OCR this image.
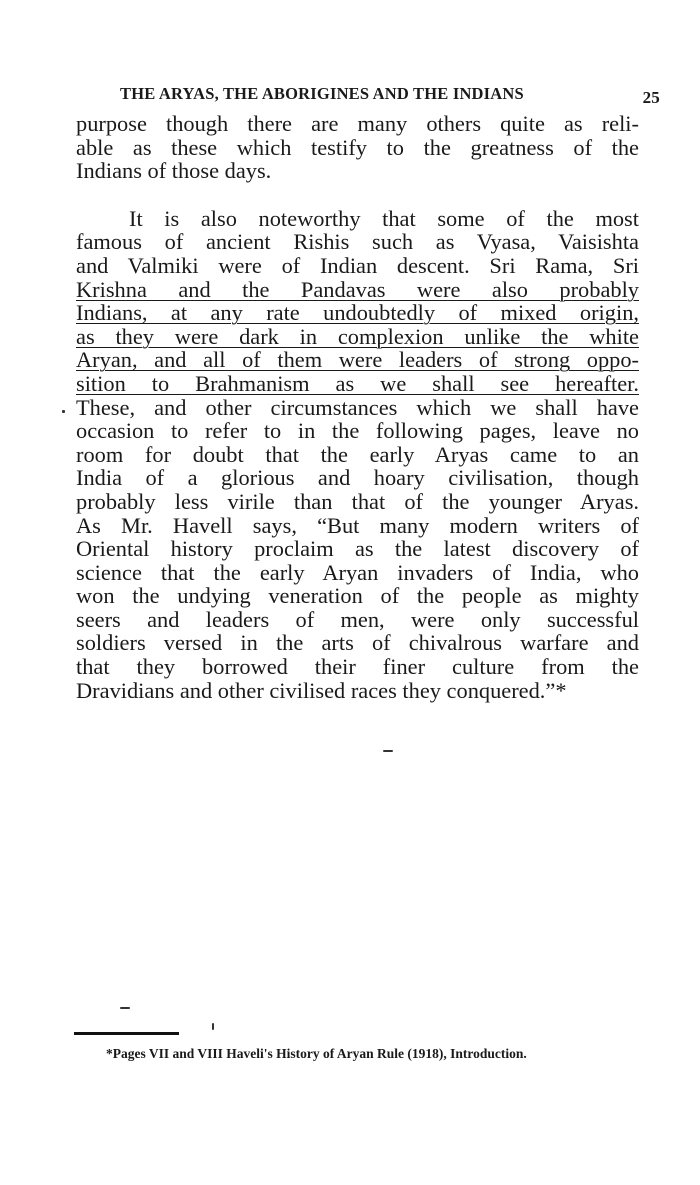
THE ARYAS, THE ABORIGINES AND THE INDIANS	25
purpose though there are many others quite as reli-
able as these which testify to the greatness of the
Indians of those days.
It is also noteworthy that some of the most
famous of ancient Rishis such as Vyasa, Vaisishta
and Valmiki were of Indian descent. Sri Rama, Sri
Krishna and the Pandavas were also probably
Indians, at any rate undoubtedly of mixed origin,
as they were dark in complexion unlike the white
Aryan, and all of them were leaders of strong oppo-
sition to Brahmanism as we shall see hereafter.
These, and other circumstances which we shall have
occasion to refer to in the following pages, leave no
room for doubt that the early Aryas came to an
India of a glorious and hoary civilisation, though
probably less virile than that of the younger Aryas.
As Mr. Havell says, “But many modern writers of
Oriental history proclaim as the latest discovery of
science that the early Aryan invaders of India, who
won the undying veneration of the people as mighty
seers and leaders of men, were only successful
soldiers versed in the arts of chivalrous warfare and
that they borrowed their finer culture from the
Dravidians and other civilised races they conquered.”*
*Pages VII and VIII Haveli's History of Aryan Rule (1918), Introduction.
